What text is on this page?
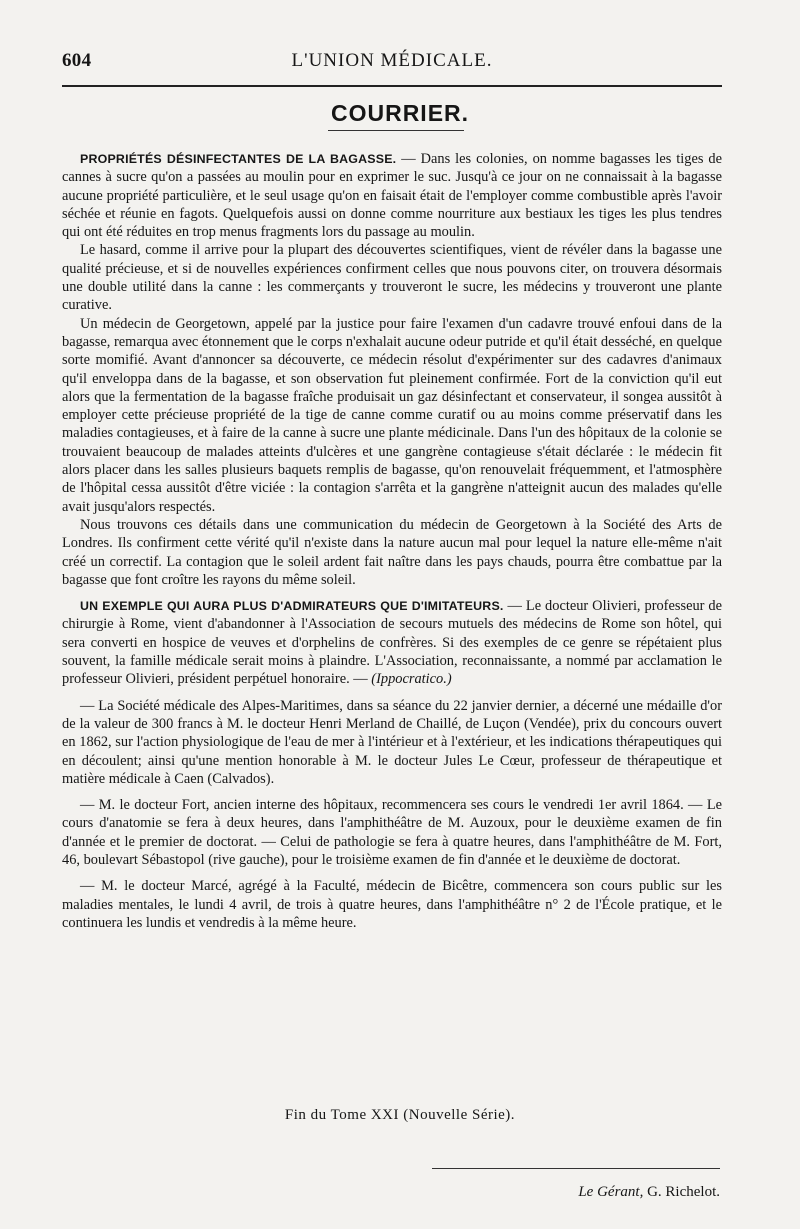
604	L'UNION MÉDICALE.
COURRIER.

PROPRIÉTÉS DÉSINFECTANTES DE LA BAGASSE. — Dans les colonies, on nomme bagasses les tiges de cannes à sucre qu'on a passées au moulin pour en exprimer le suc. Jusqu'à ce jour on ne connaissait à la bagasse aucune propriété particulière, et le seul usage qu'on en faisait était de l'employer comme combustible après l'avoir séchée et réunie en fagots. Quelquefois aussi on donne comme nourriture aux bestiaux les tiges les plus tendres qui ont été réduites en trop menus fragments lors du passage au moulin.

Le hasard, comme il arrive pour la plupart des découvertes scientifiques, vient de révéler dans la bagasse une qualité précieuse, et si de nouvelles expériences confirment celles que nous pouvons citer, on trouvera désormais une double utilité dans la canne : les commerçants y trouveront le sucre, les médecins y trouveront une plante curative.

Un médecin de Georgetown, appelé par la justice pour faire l'examen d'un cadavre trouvé enfoui dans de la bagasse, remarqua avec étonnement que le corps n'exhalait aucune odeur putride et qu'il était desséché, en quelque sorte momifié. Avant d'annoncer sa découverte, ce médecin résolut d'expérimenter sur des cadavres d'animaux qu'il enveloppa dans de la bagasse, et son observation fut pleinement confirmée. Fort de la conviction qu'il eut alors que la fermentation de la bagasse fraîche produisait un gaz désinfectant et conservateur, il songea aussitôt à employer cette précieuse propriété de la tige de canne comme curatif ou au moins comme préservatif dans les maladies contagieuses, et à faire de la canne à sucre une plante médicinale. Dans l'un des hôpitaux de la colonie se trouvaient beaucoup de malades atteints d'ulcères et une gangrène contagieuse s'était déclarée : le médecin fit alors placer dans les salles plusieurs baquets remplis de bagasse, qu'on renouvelait fréquemment, et l'atmosphère de l'hôpital cessa aussitôt d'être viciée : la contagion s'arrêta et la gangrène n'atteignit aucun des malades qu'elle avait jusqu'alors respectés.

Nous trouvons ces détails dans une communication du médecin de Georgetown à la Société des Arts de Londres. Ils confirment cette vérité qu'il n'existe dans la nature aucun mal pour lequel la nature elle-même n'ait créé un correctif. La contagion que le soleil ardent fait naître dans les pays chauds, pourra être combattue par la bagasse que font croître les rayons du même soleil.

UN EXEMPLE QUI AURA PLUS D'ADMIRATEURS QUE D'IMITATEURS. — Le docteur Olivieri, professeur de chirurgie à Rome, vient d'abandonner à l'Association de secours mutuels des médecins de Rome son hôtel, qui sera converti en hospice de veuves et d'orphelins de confrères. Si des exemples de ce genre se répétaient plus souvent, la famille médicale serait moins à plaindre. L'Association, reconnaissante, a nommé par acclamation le professeur Olivieri, président perpétuel honoraire. — (Ippocratico.)

— La Société médicale des Alpes-Maritimes, dans sa séance du 22 janvier dernier, a décerné une médaille d'or de la valeur de 300 francs à M. le docteur Henri Merland de Chaillé, de Luçon (Vendée), prix du concours ouvert en 1862, sur l'action physiologique de l'eau de mer à l'intérieur et à l'extérieur, et les indications thérapeutiques qui en découlent; ainsi qu'une mention honorable à M. le docteur Jules Le Cœur, professeur de thérapeutique et matière médicale à Caen (Calvados).

— M. le docteur Fort, ancien interne des hôpitaux, recommencera ses cours le vendredi 1er avril 1864. — Le cours d'anatomie se fera à deux heures, dans l'amphithéâtre de M. Auzoux, pour le deuxième examen de fin d'année et le premier de doctorat. — Celui de pathologie se fera à quatre heures, dans l'amphithéâtre de M. Fort, 46, boulevart Sébastopol (rive gauche), pour le troisième examen de fin d'année et le deuxième de doctorat.

— M. le docteur Marcé, agrégé à la Faculté, médecin de Bicêtre, commencera son cours public sur les maladies mentales, le lundi 4 avril, de trois à quatre heures, dans l'amphithéâtre n° 2 de l'École pratique, et le continuera les lundis et vendredis à la même heure.

Fin du Tome XXI (Nouvelle Série).
Le Gérant, G. Richelot.
